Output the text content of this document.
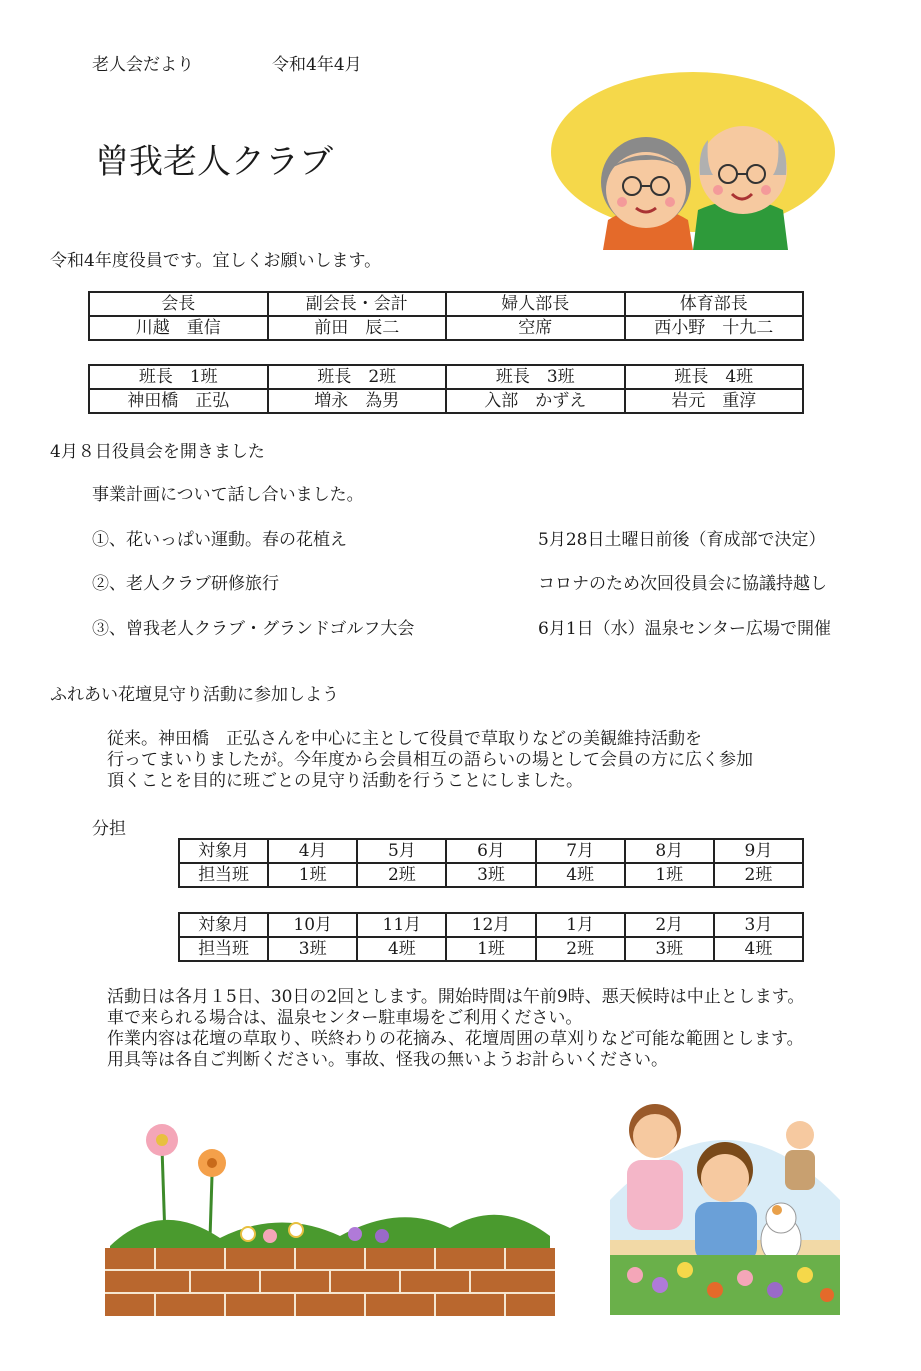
老人会だより	令和4年4月
曾我老人クラブ
令和4年度役員です。宜しくお願いします。
会長	副会長・会計	婦人部長	体育部長
川越　重信	前田　辰二	空席	西小野　十九二
班長　1班	班長　2班	班長　3班	班長　4班
神田橋　正弘	増永　為男	入部　かずえ	岩元　重淳
4月８日役員会を開きました
事業計画について話し合いました。
①、花いっぱい運動。春の花植え	5月28日土曜日前後（育成部で決定）
②、老人クラブ研修旅行	コロナのため次回役員会に協議持越し
③、曾我老人クラブ・グランドゴルフ大会	6月1日（水）温泉センター広場で開催
ふれあい花壇見守り活動に参加しよう
従来。神田橋　正弘さんを中心に主として役員で草取りなどの美観維持活動を
行ってまいりましたが。今年度から会員相互の語らいの場として会員の方に広く参加
頂くことを目的に班ごとの見守り活動を行うことにしました。
分担
対象月	4月	5月	6月	7月	8月	9月
担当班	1班	2班	3班	4班	1班	2班
対象月	10月	11月	12月	1月	2月	3月
担当班	3班	4班	1班	2班	3班	4班
活動日は各月１5日、30日の2回とします。開始時間は午前9時、悪天候時は中止とします。
車で来られる場合は、温泉センター駐車場をご利用ください。
作業内容は花壇の草取り、咲終わりの花摘み、花壇周囲の草刈りなど可能な範囲とします。
用具等は各自ご判断ください。事故、怪我の無いようお計らいください。
